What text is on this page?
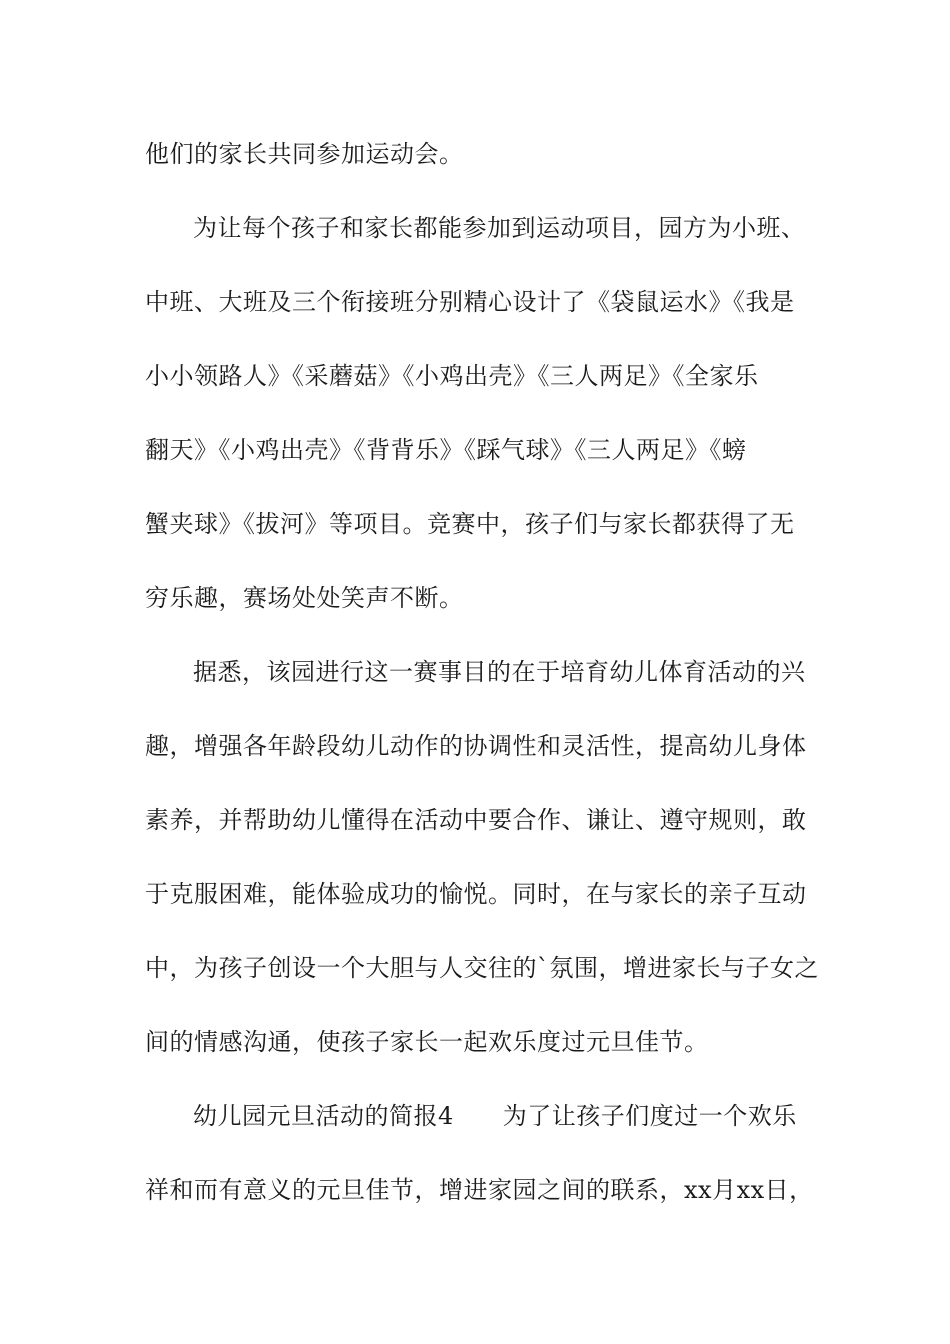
他们的家长共同参加运动会。
为让每个孩子和家长都能参加到运动项目，园方为小班、
中班、大班及三个衔接班分别精心设计了《袋鼠运水》《我是
小小领路人》《采蘑菇》《小鸡出壳》《三人两足》《全家乐
翻天》《小鸡出壳》《背背乐》《踩气球》《三人两足》《螃
蟹夹球》《拔河》等项目。竞赛中，孩子们与家长都获得了无
穷乐趣，赛场处处笑声不断。
据悉，该园进行这一赛事目的在于培育幼儿体育活动的兴
趣，增强各年龄段幼儿动作的协调性和灵活性，提高幼儿身体
素养，并帮助幼儿懂得在活动中要合作、谦让、遵守规则，敢
于克服困难，能体验成功的愉悦。同时，在与家长的亲子互动
中，为孩子创设一个大胆与人交往的`氛围，增进家长与子女之
间的情感沟通，使孩子家长一起欢乐度过元旦佳节。
幼儿园元旦活动的简报4　　为了让孩子们度过一个欢乐
祥和而有意义的元旦佳节，增进家园之间的联系，xx月xx日，
